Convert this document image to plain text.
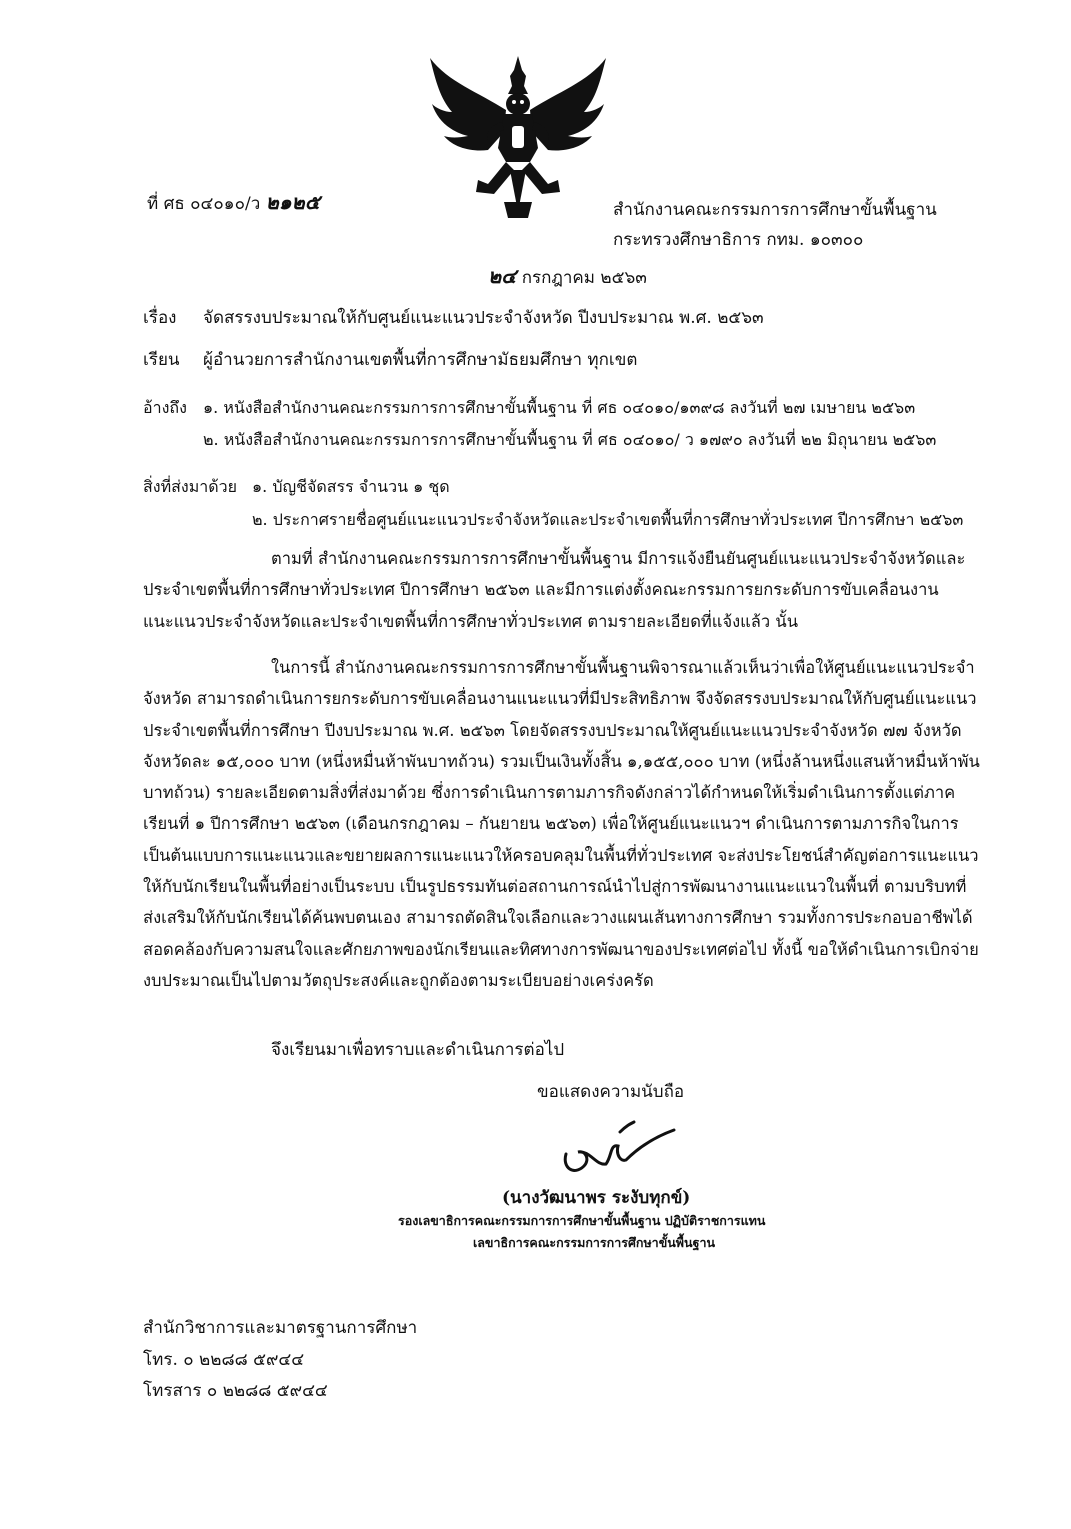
ที่ ศธ ๐๔๐๑๐/ว ๒๑๒๕	สำนักงานคณะกรรมการการศึกษาขั้นพื้นฐาน
กระทรวงศึกษาธิการ กทม. ๑๐๓๐๐
๒๔ กรกฎาคม ๒๕๖๓
เรื่อง จัดสรรงบประมาณให้กับศูนย์แนะแนวประจำจังหวัด ปีงบประมาณ พ.ศ. ๒๕๖๓
เรียน ผู้อำนวยการสำนักงานเขตพื้นที่การศึกษามัธยมศึกษา ทุกเขต
อ้างถึง ๑. หนังสือสำนักงานคณะกรรมการการศึกษาขั้นพื้นฐาน ที่ ศธ ๐๔๐๑๐/๑๓๙๘ ลงวันที่ ๒๗ เมษายน ๒๕๖๓
๒. หนังสือสำนักงานคณะกรรมการการศึกษาขั้นพื้นฐาน ที่ ศธ ๐๔๐๑๐/ ว ๑๗๙๐ ลงวันที่ ๒๒ มิถุนายน ๒๕๖๓
สิ่งที่ส่งมาด้วย ๑. บัญชีจัดสรร จำนวน ๑ ชุด
๒. ประกาศรายชื่อศูนย์แนะแนวประจำจังหวัดและประจำเขตพื้นที่การศึกษาทั่วประเทศ ปีการศึกษา ๒๕๖๓
ตามที่ สำนักงานคณะกรรมการการศึกษาขั้นพื้นฐาน มีการแจ้งยืนยันศูนย์แนะแนวประจำจังหวัดและประจำเขตพื้นที่การศึกษาทั่วประเทศ ปีการศึกษา ๒๕๖๓ และมีการแต่งตั้งคณะกรรมการยกระดับการขับเคลื่อนงานแนะแนวประจำจังหวัดและประจำเขตพื้นที่การศึกษาทั่วประเทศ ตามรายละเอียดที่แจ้งแล้ว นั้น
ในการนี้ สำนักงานคณะกรรมการการศึกษาขั้นพื้นฐานพิจารณาแล้วเห็นว่าเพื่อให้ศูนย์แนะแนวประจำจังหวัด สามารถดำเนินการยกระดับการขับเคลื่อนงานแนะแนวที่มีประสิทธิภาพ จึงจัดสรรงบประมาณให้กับศูนย์แนะแนวประจำเขตพื้นที่การศึกษา ปีงบประมาณ พ.ศ. ๒๕๖๓ โดยจัดสรรงบประมาณให้ศูนย์แนะแนวประจำจังหวัด ๗๗ จังหวัด จังหวัดละ ๑๕,๐๐๐ บาท (หนึ่งหมื่นห้าพันบาทถ้วน) รวมเป็นเงินทั้งสิ้น ๑,๑๕๕,๐๐๐ บาท (หนึ่งล้านหนึ่งแสนห้าหมื่นห้าพันบาทถ้วน) รายละเอียดตามสิ่งที่ส่งมาด้วย ซึ่งการดำเนินการตามภารกิจดังกล่าวได้กำหนดให้เริ่มดำเนินการตั้งแต่ภาคเรียนที่ ๑ ปีการศึกษา ๒๕๖๓ (เดือนกรกฎาคม – กันยายน ๒๕๖๓) เพื่อให้ศูนย์แนะแนวฯ ดำเนินการตามภารกิจในการเป็นต้นแบบการแนะแนวและขยายผลการแนะแนวให้ครอบคลุมในพื้นที่ทั่วประเทศ จะส่งประโยชน์สำคัญต่อการแนะแนวให้กับนักเรียนในพื้นที่อย่างเป็นระบบ เป็นรูปธรรมทันต่อสถานการณ์นำไปสู่การพัฒนางานแนะแนวในพื้นที่ ตามบริบทที่ส่งเสริมให้กับนักเรียนได้ค้นพบตนเอง สามารถตัดสินใจเลือกและวางแผนเส้นทางการศึกษา รวมทั้งการประกอบอาชีพได้สอดคล้องกับความสนใจและศักยภาพของนักเรียนและทิศทางการพัฒนาของประเทศต่อไป ทั้งนี้ ขอให้ดำเนินการเบิกจ่ายงบประมาณเป็นไปตามวัตถุประสงค์และถูกต้องตามระเบียบอย่างเคร่งครัด
จึงเรียนมาเพื่อทราบและดำเนินการต่อไป
ขอแสดงความนับถือ
(นางวัฒนาพร ระงับทุกข์)
รองเลขาธิการคณะกรรมการการศึกษาขั้นพื้นฐาน ปฏิบัติราชการแทน
เลขาธิการคณะกรรมการการศึกษาขั้นพื้นฐาน
สำนักวิชาการและมาตรฐานการศึกษา
โทร. ๐ ๒๒๘๘ ๕๙๔๔
โทรสาร ๐ ๒๒๘๘ ๕๙๔๔
